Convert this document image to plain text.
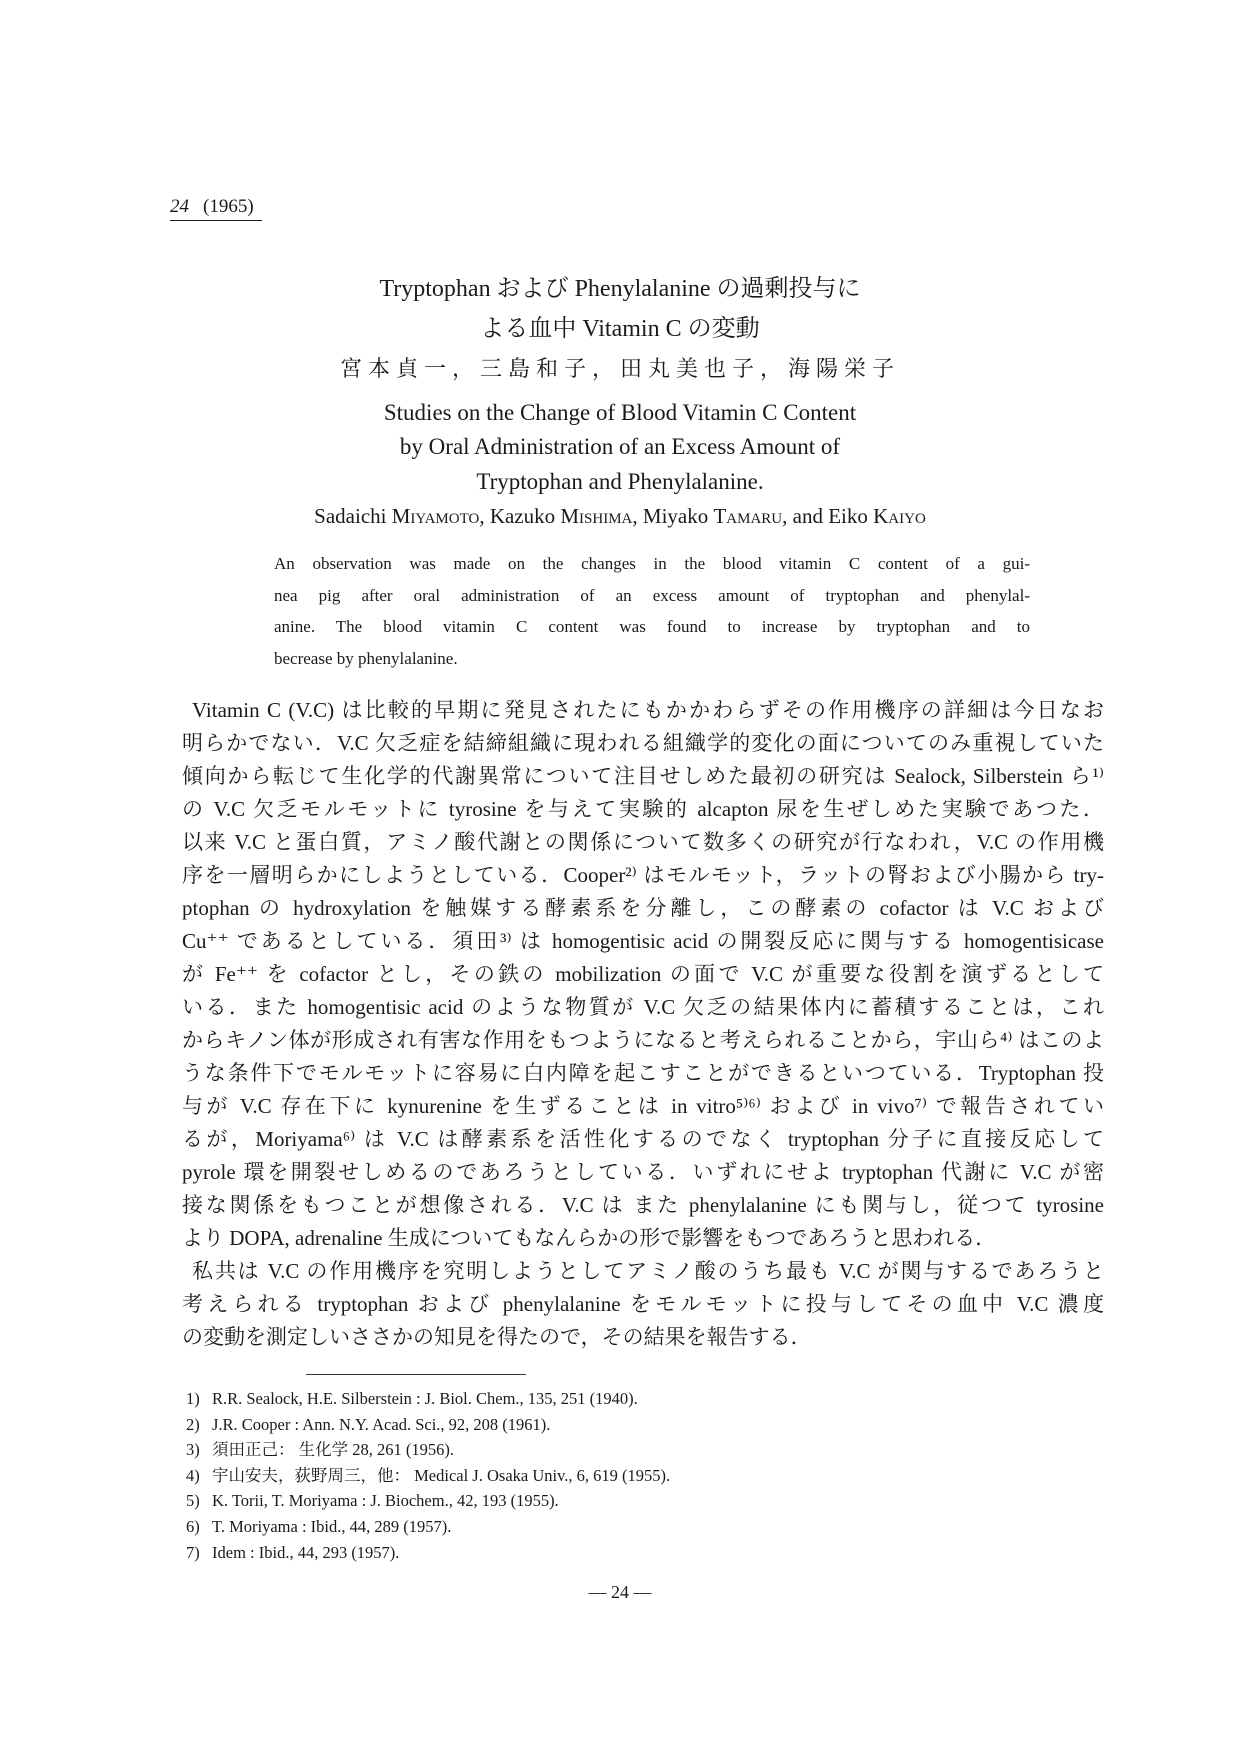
24 (1965)
Tryptophan および Phenylalanine の過剰投与に
よる血中 Vitamin C の変動
宮本貞一，三島和子，田丸美也子，海陽栄子
Studies on the Change of Blood Vitamin C Content
by Oral Administration of an Excess Amount of
Tryptophan and Phenylalanine.
Sadaichi Miyamoto, Kazuko Mishima, Miyako Tamaru, and Eiko Kaiyo
An observation was made on the changes in the blood vitamin C content of a gui-
nea pig after oral administration of an excess amount of tryptophan and phenylal-
anine. The blood vitamin C content was found to increase by tryptophan and to
becrease by phenylalanine.
Vitamin C (V.C) は比較的早期に発見されたにもかかわらずその作用機序の詳細は今日なお
明らかでない．V.C 欠乏症を結締組織に現われる組織学的変化の面についてのみ重視していた
傾向から転じて生化学的代謝異常について注目せしめた最初の研究は Sealock, Silberstein ら¹⁾
の V.C 欠乏モルモットに tyrosine を与えて実験的 alcapton 尿を生ぜしめた実験であつた．
以来 V.C と蛋白質，アミノ酸代謝との関係について数多くの研究が行なわれ，V.C の作用機
序を一層明らかにしようとしている．Cooper²⁾ はモルモット，ラットの腎および小腸から try-
ptophan の hydroxylation を触媒する酵素系を分離し，この酵素の cofactor は V.C および
Cu⁺⁺ であるとしている．須田³⁾ は homogentisic acid の開裂反応に関与する homogentisicase
が Fe⁺⁺ を cofactor とし，その鉄の mobilization の面で V.C が重要な役割を演ずるとして
いる．また homogentisic acid のような物質が V.C 欠乏の結果体内に蓄積することは，これ
からキノン体が形成され有害な作用をもつようになると考えられることから，宇山ら⁴⁾ はこのよ
うな条件下でモルモットに容易に白内障を起こすことができるといつている．Tryptophan 投
与が V.C 存在下に kynurenine を生ずることは in vitro⁵⁾⁶⁾ および in vivo⁷⁾ で報告されてい
るが，Moriyama⁶⁾ は V.C は酵素系を活性化するのでなく tryptophan 分子に直接反応して
pyrole 環を開裂せしめるのであろうとしている．いずれにせよ tryptophan 代謝に V.C が密
接な関係をもつことが想像される．V.C は また phenylalanine にも関与し，従つて tyrosine
より DOPA, adrenaline 生成についてもなんらかの形で影響をもつであろうと思われる．
私共は V.C の作用機序を究明しようとしてアミノ酸のうち最も V.C が関与するであろうと
考えられる tryptophan および phenylalanine をモルモットに投与してその血中 V.C 濃度
の変動を測定しいささかの知見を得たので，その結果を報告する．
1) R.R. Sealock, H.E. Silberstein : J. Biol. Chem., 135, 251 (1940).
2) J.R. Cooper : Ann. N.Y. Acad. Sci., 92, 208 (1961).
3) 須田正己： 生化学 28, 261 (1956).
4) 宇山安夫，荻野周三，他： Medical J. Osaka Univ., 6, 619 (1955).
5) K. Torii, T. Moriyama : J. Biochem., 42, 193 (1955).
6) T. Moriyama : Ibid., 44, 289 (1957).
7) Idem : Ibid., 44, 293 (1957).
— 24 —
